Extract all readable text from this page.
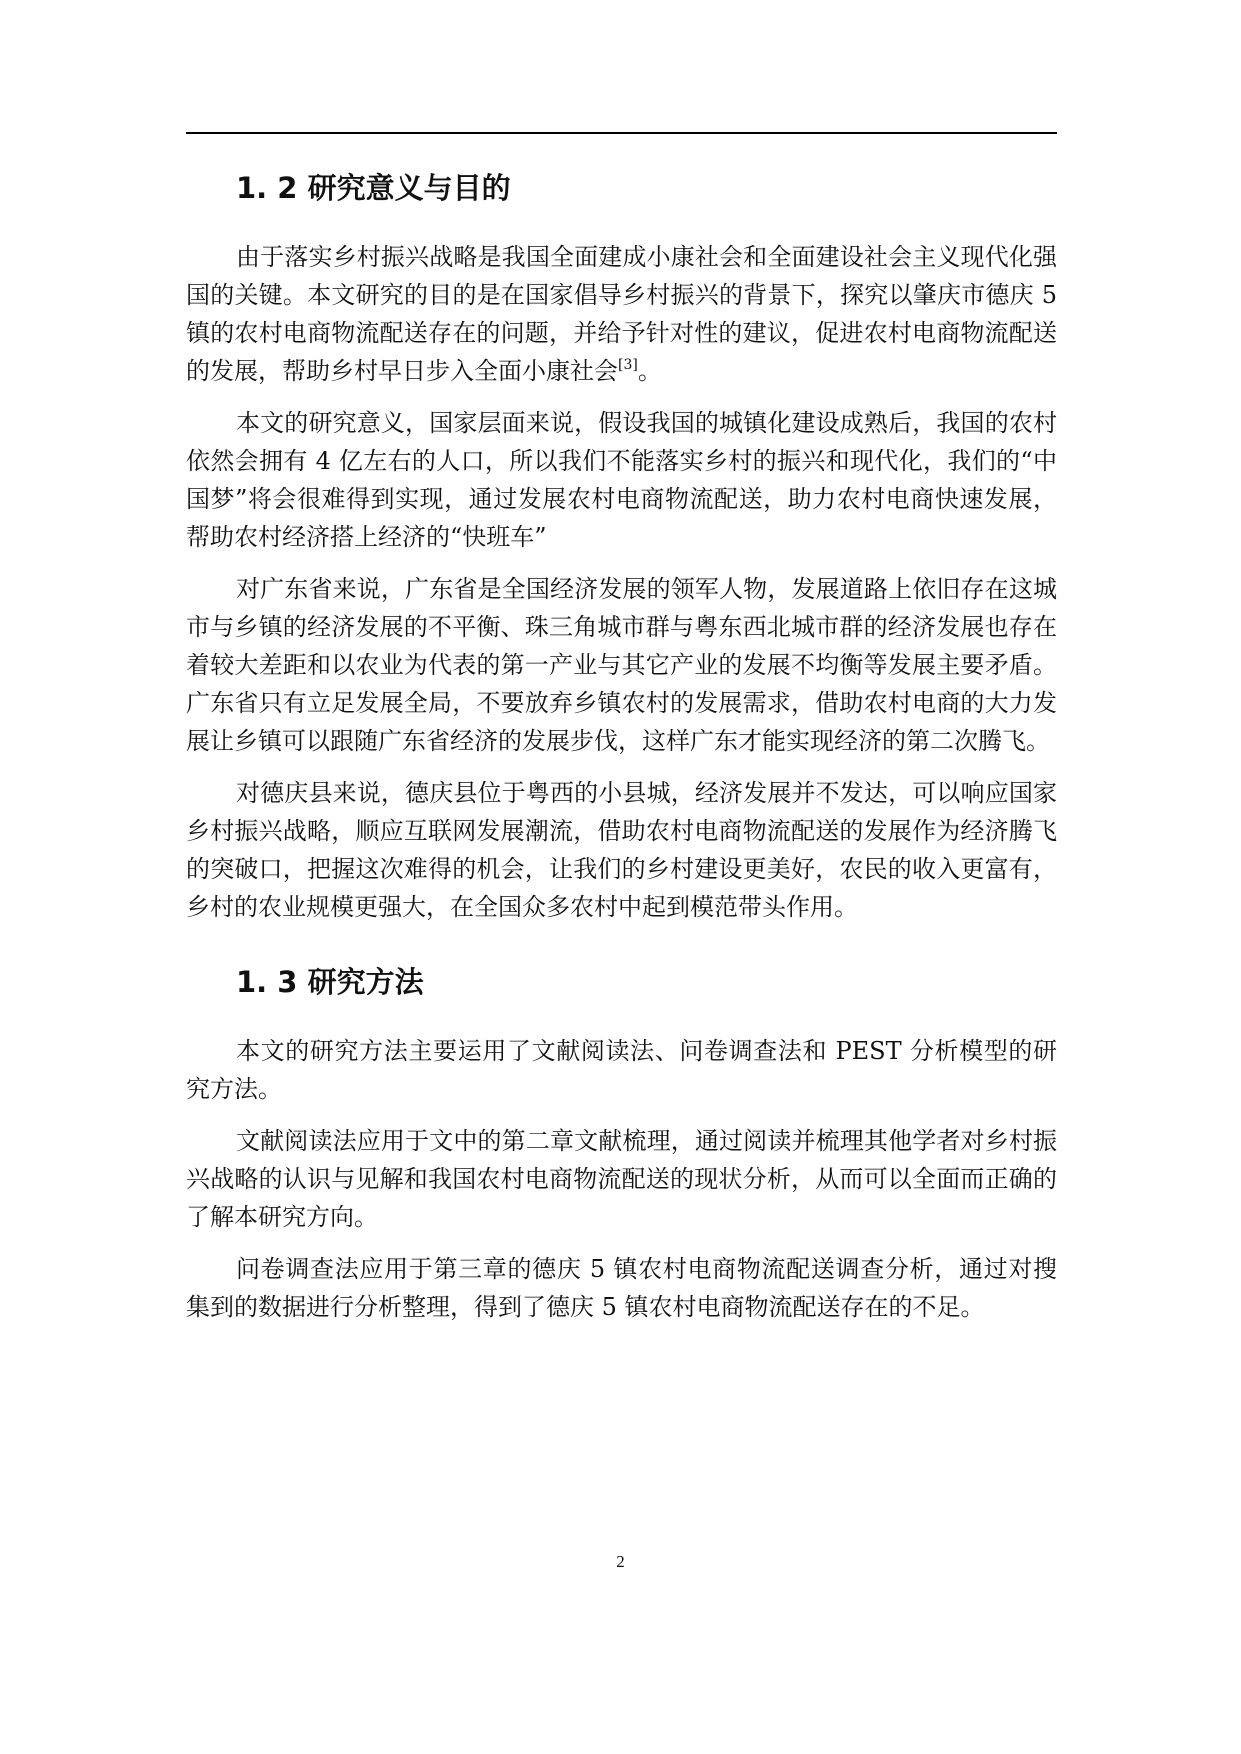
1. 2 研究意义与目的

由于落实乡村振兴战略是我国全面建成小康社会和全面建设社会主义现代化强国的关键。本文研究的目的是在国家倡导乡村振兴的背景下，探究以肇庆市德庆 5 镇的农村电商物流配送存在的问题，并给予针对性的建议，促进农村电商物流配送的发展，帮助乡村早日步入全面小康社会[3]。

本文的研究意义，国家层面来说，假设我国的城镇化建设成熟后，我国的农村依然会拥有 4 亿左右的人口，所以我们不能落实乡村的振兴和现代化，我们的“中国梦”将会很难得到实现，通过发展农村电商物流配送，助力农村电商快速发展，帮助农村经济搭上经济的“快班车”

对广东省来说，广东省是全国经济发展的领军人物，发展道路上依旧存在这城市与乡镇的经济发展的不平衡、珠三角城市群与粤东西北城市群的经济发展也存在着较大差距和以农业为代表的第一产业与其它产业的发展不均衡等发展主要矛盾。广东省只有立足发展全局，不要放弃乡镇农村的发展需求，借助农村电商的大力发展让乡镇可以跟随广东省经济的发展步伐，这样广东才能实现经济的第二次腾飞。

对德庆县来说，德庆县位于粤西的小县城，经济发展并不发达，可以响应国家乡村振兴战略，顺应互联网发展潮流，借助农村电商物流配送的发展作为经济腾飞的突破口，把握这次难得的机会，让我们的乡村建设更美好，农民的收入更富有，乡村的农业规模更强大，在全国众多农村中起到模范带头作用。

1. 3 研究方法

本文的研究方法主要运用了文献阅读法、问卷调查法和 PEST 分析模型的研究方法。

文献阅读法应用于文中的第二章文献梳理，通过阅读并梳理其他学者对乡村振兴战略的认识与见解和我国农村电商物流配送的现状分析，从而可以全面而正确的了解本研究方向。

问卷调查法应用于第三章的德庆 5 镇农村电商物流配送调查分析，通过对搜集到的数据进行分析整理，得到了德庆 5 镇农村电商物流配送存在的不足。

2
